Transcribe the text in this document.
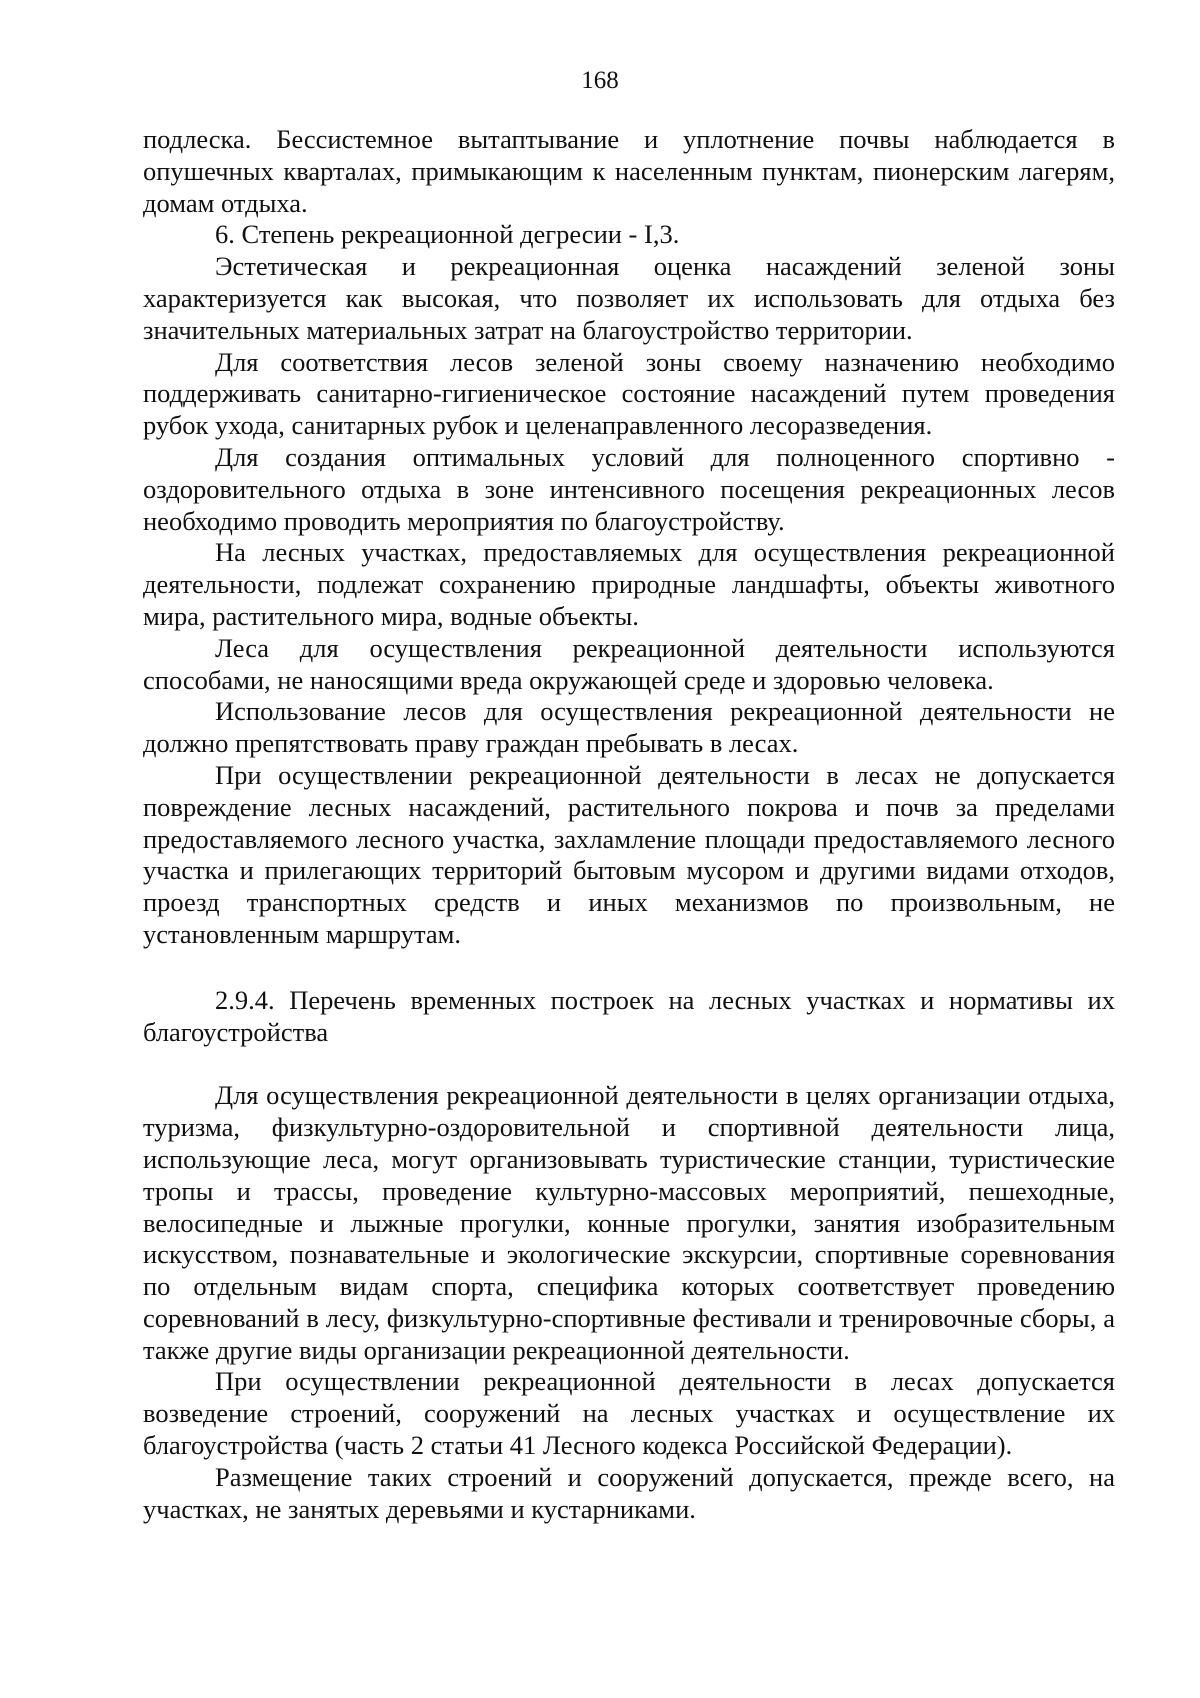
168

подлеска. Бессистемное вытаптывание и уплотнение почвы наблюдается в опушечных кварталах, примыкающим к населенным пунктам, пионерским лагерям, домам отдыха.

6. Степень рекреационной дегресии - I,3.

Эстетическая и рекреационная оценка насаждений зеленой зоны характеризуется как высокая, что позволяет их использовать для отдыха без значительных материальных затрат на благоустройство территории.

Для соответствия лесов зеленой зоны своему назначению необходимо поддерживать санитарно-гигиеническое состояние насаждений путем проведения рубок ухода, санитарных рубок и целенаправленного лесоразведения.

Для создания оптимальных условий для полноценного спортивно - оздоровительного отдыха в зоне интенсивного посещения рекреационных лесов необходимо проводить мероприятия по благоустройству.

На лесных участках, предоставляемых для осуществления рекреационной деятельности, подлежат сохранению природные ландшафты, объекты животного мира, растительного мира, водные объекты.

Леса для осуществления рекреационной деятельности используются способами, не наносящими вреда окружающей среде и здоровью человека.

Использование лесов для осуществления рекреационной деятельности не должно препятствовать праву граждан пребывать в лесах.

При осуществлении рекреационной деятельности в лесах не допускается повреждение лесных насаждений, растительного покрова и почв за пределами предоставляемого лесного участка, захламление площади предоставляемого лесного участка и прилегающих территорий бытовым мусором и другими видами отходов, проезд транспортных средств и иных механизмов по произвольным, не установленным маршрутам.

2.9.4. Перечень временных построек на лесных участках и нормативы их благоустройства

Для осуществления рекреационной деятельности в целях организации отдыха, туризма, физкультурно-оздоровительной и спортивной деятельности лица, использующие леса, могут организовывать туристические станции, туристические тропы и трассы, проведение культурно-массовых мероприятий, пешеходные, велосипедные и лыжные прогулки, конные прогулки, занятия изобразительным искусством, познавательные и экологические экскурсии, спортивные соревнования по отдельным видам спорта, специфика которых соответствует проведению соревнований в лесу, физкультурно-спортивные фестивали и тренировочные сборы, а также другие виды организации рекреационной деятельности.

При осуществлении рекреационной деятельности в лесах допускается возведение строений, сооружений на лесных участках и осуществление их благоустройства (часть 2 статьи 41 Лесного кодекса Российской Федерации).

Размещение таких строений и сооружений допускается, прежде всего, на участках, не занятых деревьями и кустарниками.
